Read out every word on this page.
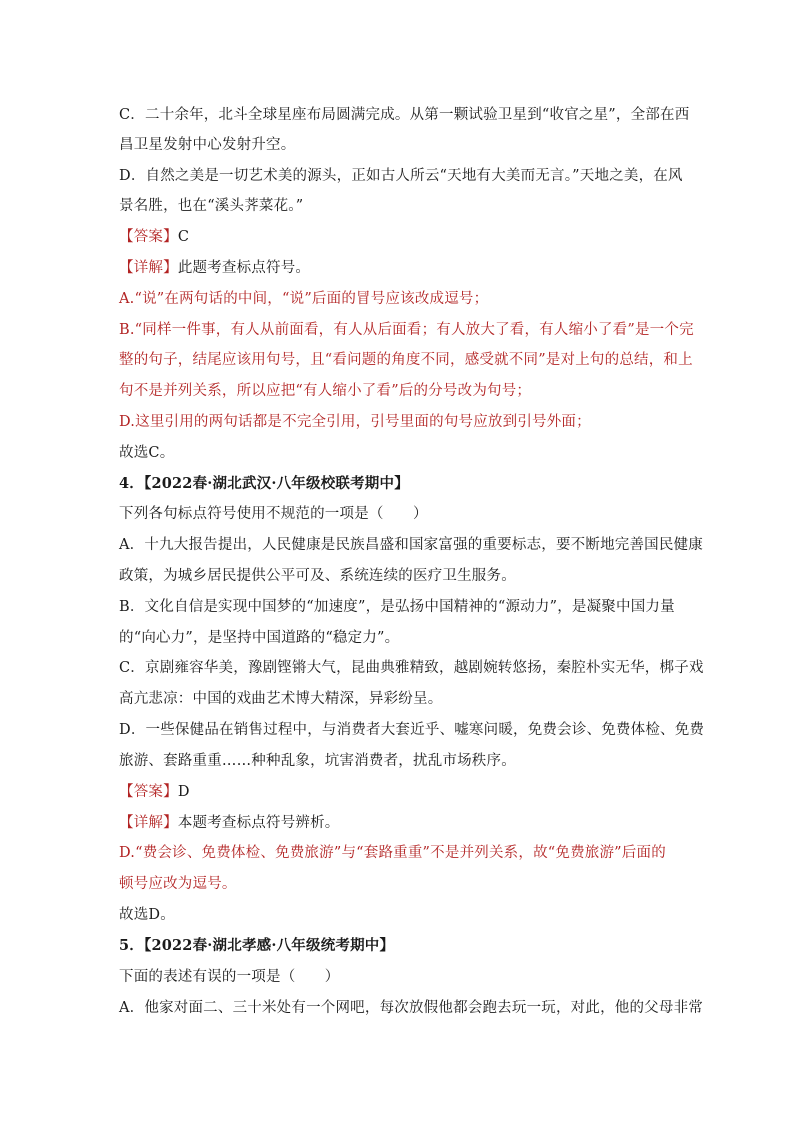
C．二十余年，北斗全球星座布局圆满完成。从第一颗试验卫星到“收官之星”，全部在西
昌卫星发射中心发射升空。
D．自然之美是一切艺术美的源头，正如古人所云“天地有大美而无言。”天地之美，在风
景名胜，也在“溪头荠菜花。”
【答案】C
【详解】此题考查标点符号。
A.“说”在两句话的中间，“说”后面的冒号应该改成逗号；
B.“同样一件事，有人从前面看，有人从后面看；有人放大了看，有人缩小了看”是一个完
整的句子，结尾应该用句号，且“看问题的角度不同，感受就不同”是对上句的总结，和上
句不是并列关系，所以应把“有人缩小了看”后的分号改为句号；
D.这里引用的两句话都是不完全引用，引号里面的句号应放到引号外面；
故选C。
4．【2022春·湖北武汉·八年级校联考期中】
下列各句标点符号使用不规范的一项是（　　）
A．十九大报告提出，人民健康是民族昌盛和国家富强的重要标志，要不断地完善国民健康
政策，为城乡居民提供公平可及、系统连续的医疗卫生服务。
B．文化自信是实现中国梦的“加速度”，是弘扬中国精神的“源动力”，是凝聚中国力量
的“向心力”，是坚持中国道路的“稳定力”。
C．京剧雍容华美，豫剧铿锵大气，昆曲典雅精致，越剧婉转悠扬，秦腔朴实无华，梆子戏
高亢悲凉：中国的戏曲艺术博大精深，异彩纷呈。
D．一些保健品在销售过程中，与消费者大套近乎、嘘寒问暖，免费会诊、免费体检、免费
旅游、套路重重……种种乱象，坑害消费者，扰乱市场秩序。
【答案】D
【详解】本题考查标点符号辨析。
D.“费会诊、免费体检、免费旅游”与“套路重重”不是并列关系，故“免费旅游”后面的
顿号应改为逗号。
故选D。
5．【2022春·湖北孝感·八年级统考期中】
下面的表述有误的一项是（　　）
A．他家对面二、三十米处有一个网吧，每次放假他都会跑去玩一玩，对此，他的父母非常
